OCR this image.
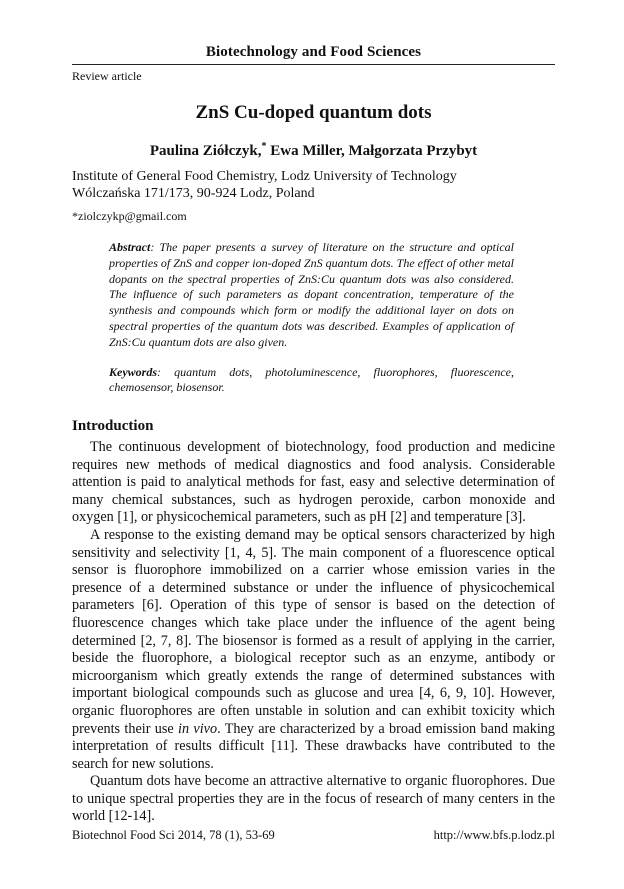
Biotechnology and Food Sciences
Review article
ZnS Cu-doped quantum dots
Paulina Ziółczyk,* Ewa Miller, Małgorzata Przybyt
Institute of General Food Chemistry, Lodz University of Technology
Wólczańska 171/173, 90-924 Lodz, Poland
*ziolczykp@gmail.com

Abstract: The paper presents a survey of literature on the structure and optical properties of ZnS and copper ion-doped ZnS quantum dots. The effect of other metal dopants on the spectral properties of ZnS:Cu quantum dots was also considered. The influence of such parameters as dopant concentration, temperature of the synthesis and compounds which form or modify the additional layer on dots on spectral properties of the quantum dots was described. Examples of application of ZnS:Cu quantum dots are also given.

Keywords: quantum dots, photoluminescence, fluorophores, fluorescence, chemosensor, biosensor.

Introduction

The continuous development of biotechnology, food production and medicine requires new methods of medical diagnostics and food analysis. Considerable attention is paid to analytical methods for fast, easy and selective determination of many chemical substances, such as hydrogen peroxide, carbon monoxide and oxygen [1], or physicochemical parameters, such as pH [2] and temperature [3].

A response to the existing demand may be optical sensors characterized by high sensitivity and selectivity [1, 4, 5]. The main component of a fluorescence optical sensor is fluorophore immobilized on a carrier whose emission varies in the presence of a determined substance or under the influence of physicochemical parameters [6]. Operation of this type of sensor is based on the detection of fluorescence changes which take place under the influence of the agent being determined [2, 7, 8]. The biosensor is formed as a result of applying in the carrier, beside the fluorophore, a biological receptor such as an enzyme, antibody or microorganism which greatly extends the range of determined substances with important biological compounds such as glucose and urea [4, 6, 9, 10]. However, organic fluorophores are often unstable in solution and can exhibit toxicity which prevents their use in vivo. They are characterized by a broad emission band making interpretation of results difficult [11]. These drawbacks have contributed to the search for new solutions.

Quantum dots have become an attractive alternative to organic fluorophores. Due to unique spectral properties they are in the focus of research of many centers in the world [12-14].

Biotechnol Food Sci 2014, 78 (1), 53-69	http://www.bfs.p.lodz.pl
